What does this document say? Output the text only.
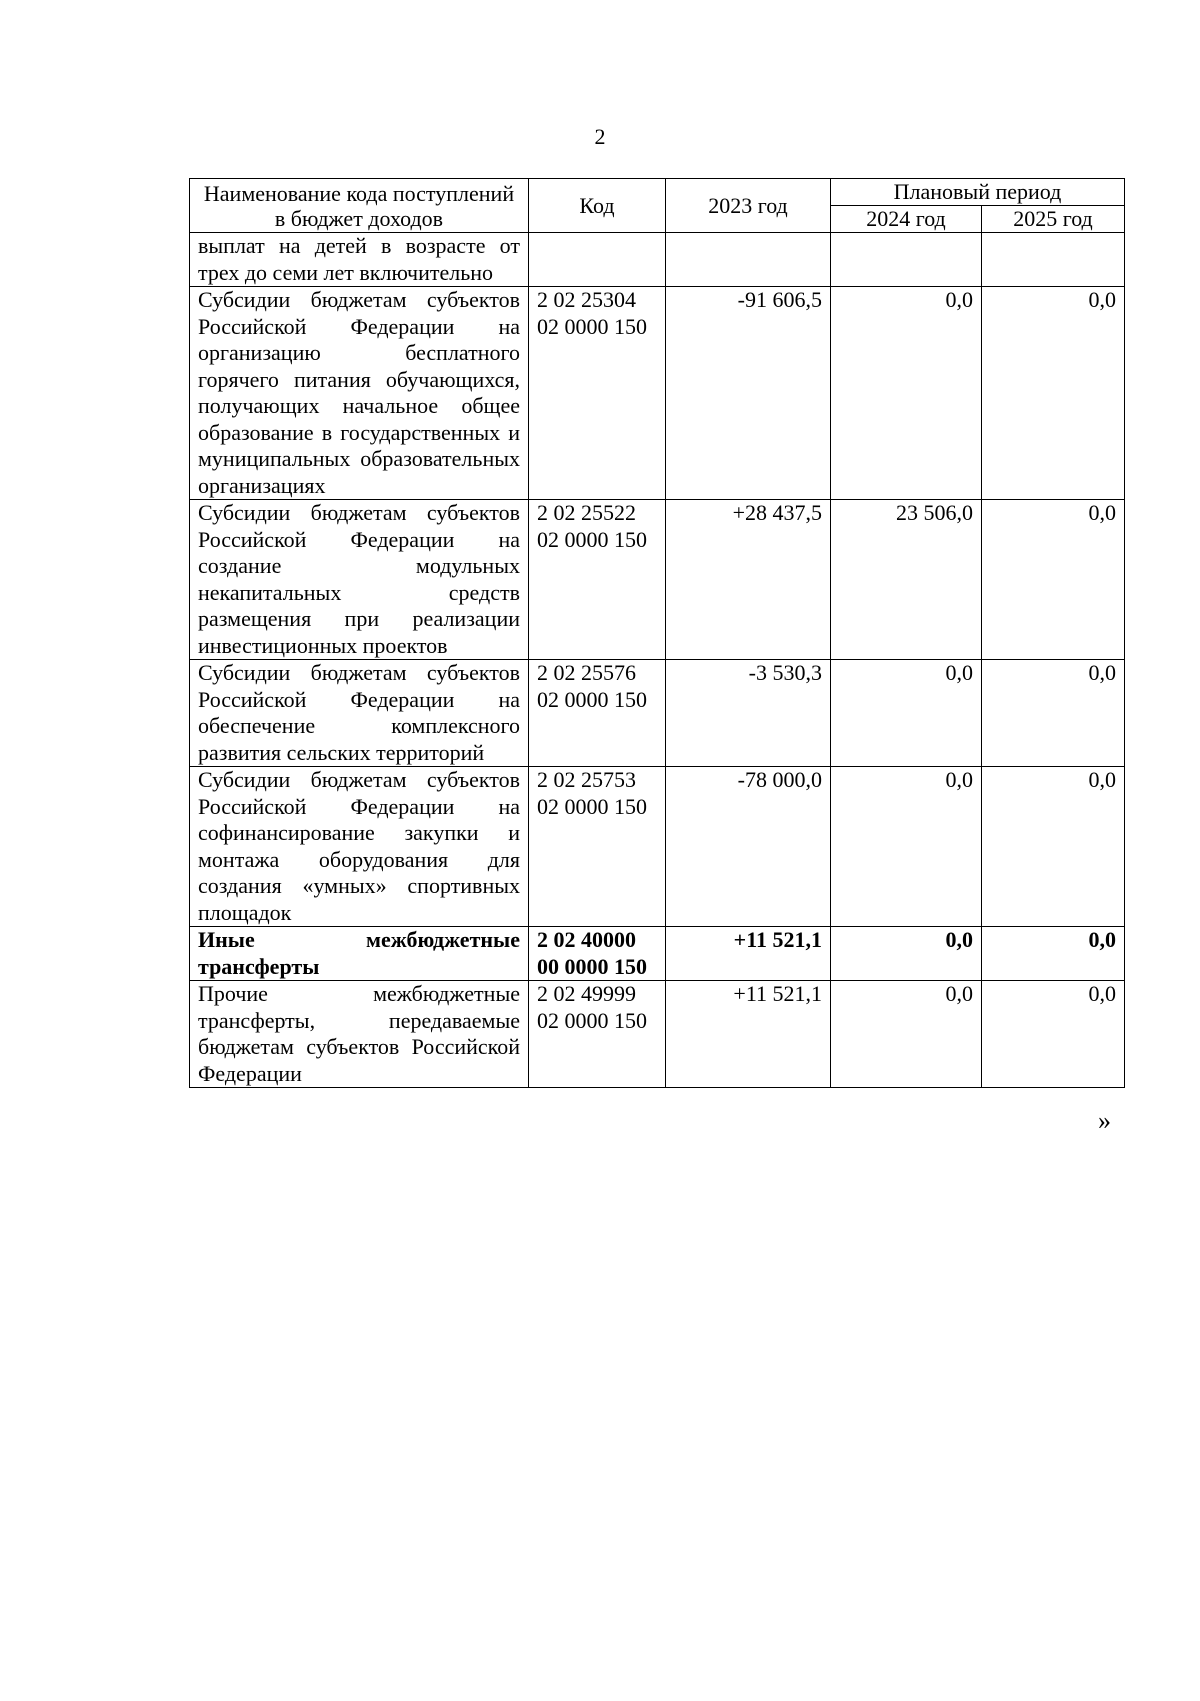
2
Наименование кода поступлений в бюджет доходов	Код	2023 год	Плановый период	
			2024 год	2025 год
выплат на детей в возрасте от трех до семи лет включительно				
Субсидии бюджетам субъектов Российской Федерации на организацию бесплатного горячего питания обучающихся, получающих начальное общее образование в государственных и муниципальных образовательных организациях	2 02 25304 02 0000 150	-91 606,5	0,0	0,0
Субсидии бюджетам субъектов Российской Федерации на создание модульных некапитальных средств размещения при реализации инвестиционных проектов	2 02 25522 02 0000 150	+28 437,5	23 506,0	0,0
Субсидии бюджетам субъектов Российской Федерации на обеспечение комплексного развития сельских территорий	2 02 25576 02 0000 150	-3 530,3	0,0	0,0
Субсидии бюджетам субъектов Российской Федерации на софинансирование закупки и монтажа оборудования для создания «умных» спортивных площадок	2 02 25753 02 0000 150	-78 000,0	0,0	0,0
Иные межбюджетные трансферты	2 02 40000 00 0000 150	+11 521,1	0,0	0,0
Прочие межбюджетные трансферты, передаваемые бюджетам субъектов Российской Федерации	2 02 49999 02 0000 150	+11 521,1	0,0	0,0
»
